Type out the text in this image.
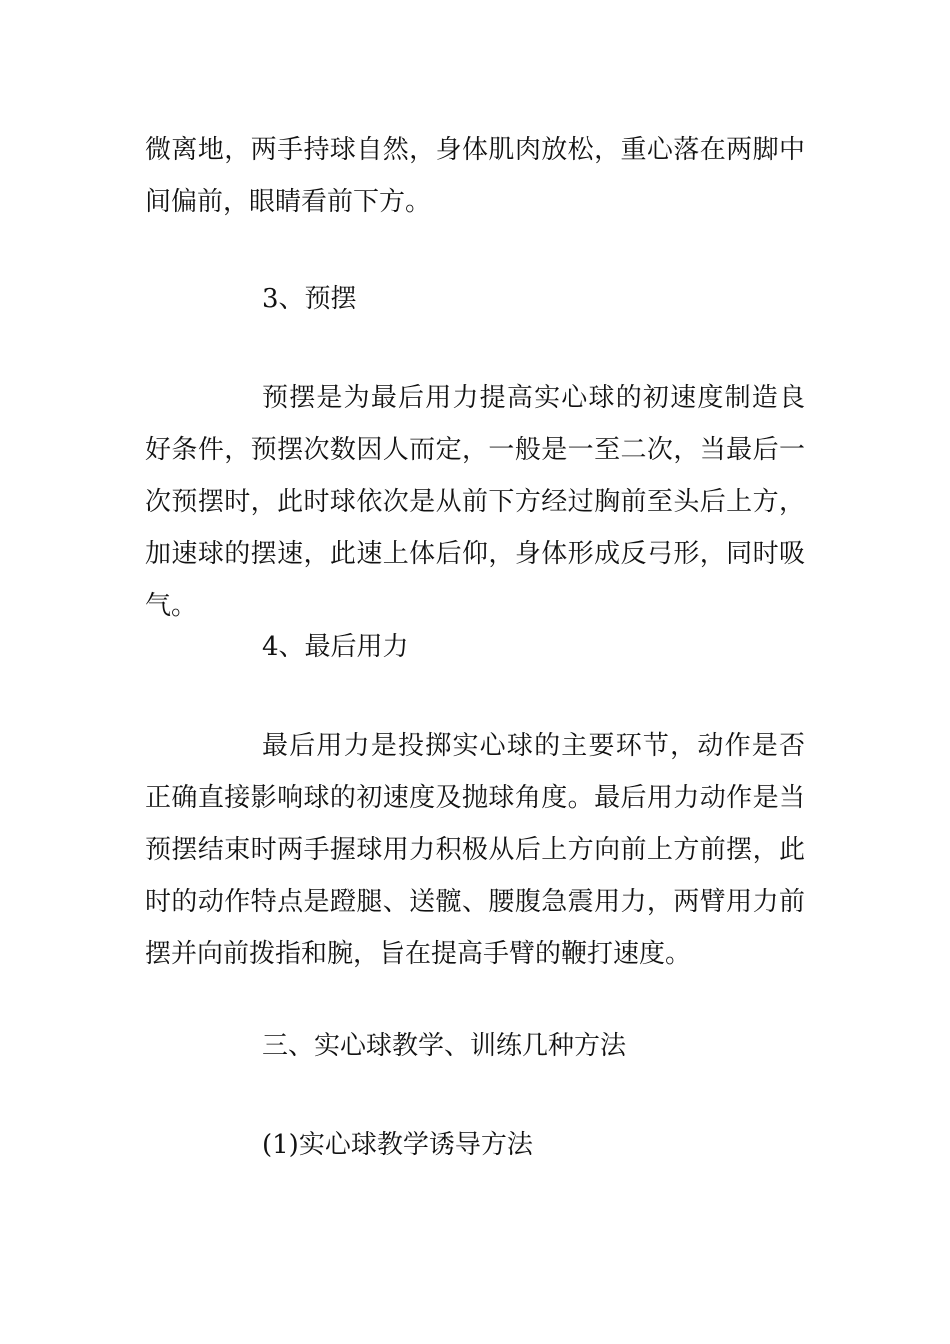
微离地，两手持球自然，身体肌肉放松，重心落在两脚中间偏前，眼睛看前下方。

3、预摆

预摆是为最后用力提高实心球的初速度制造良好条件，预摆次数因人而定，一般是一至二次，当最后一次预摆时，此时球依次是从前下方经过胸前至头后上方，加速球的摆速，此速上体后仰，身体形成反弓形，同时吸气。

4、最后用力

最后用力是投掷实心球的主要环节，动作是否正确直接影响球的初速度及抛球角度。最后用力动作是当预摆结束时两手握球用力积极从后上方向前上方前摆，此时的动作特点是蹬腿、送髋、腰腹急震用力，两臂用力前摆并向前拨指和腕，旨在提高手臂的鞭打速度。

三、实心球教学、训练几种方法

(1)实心球教学诱导方法
